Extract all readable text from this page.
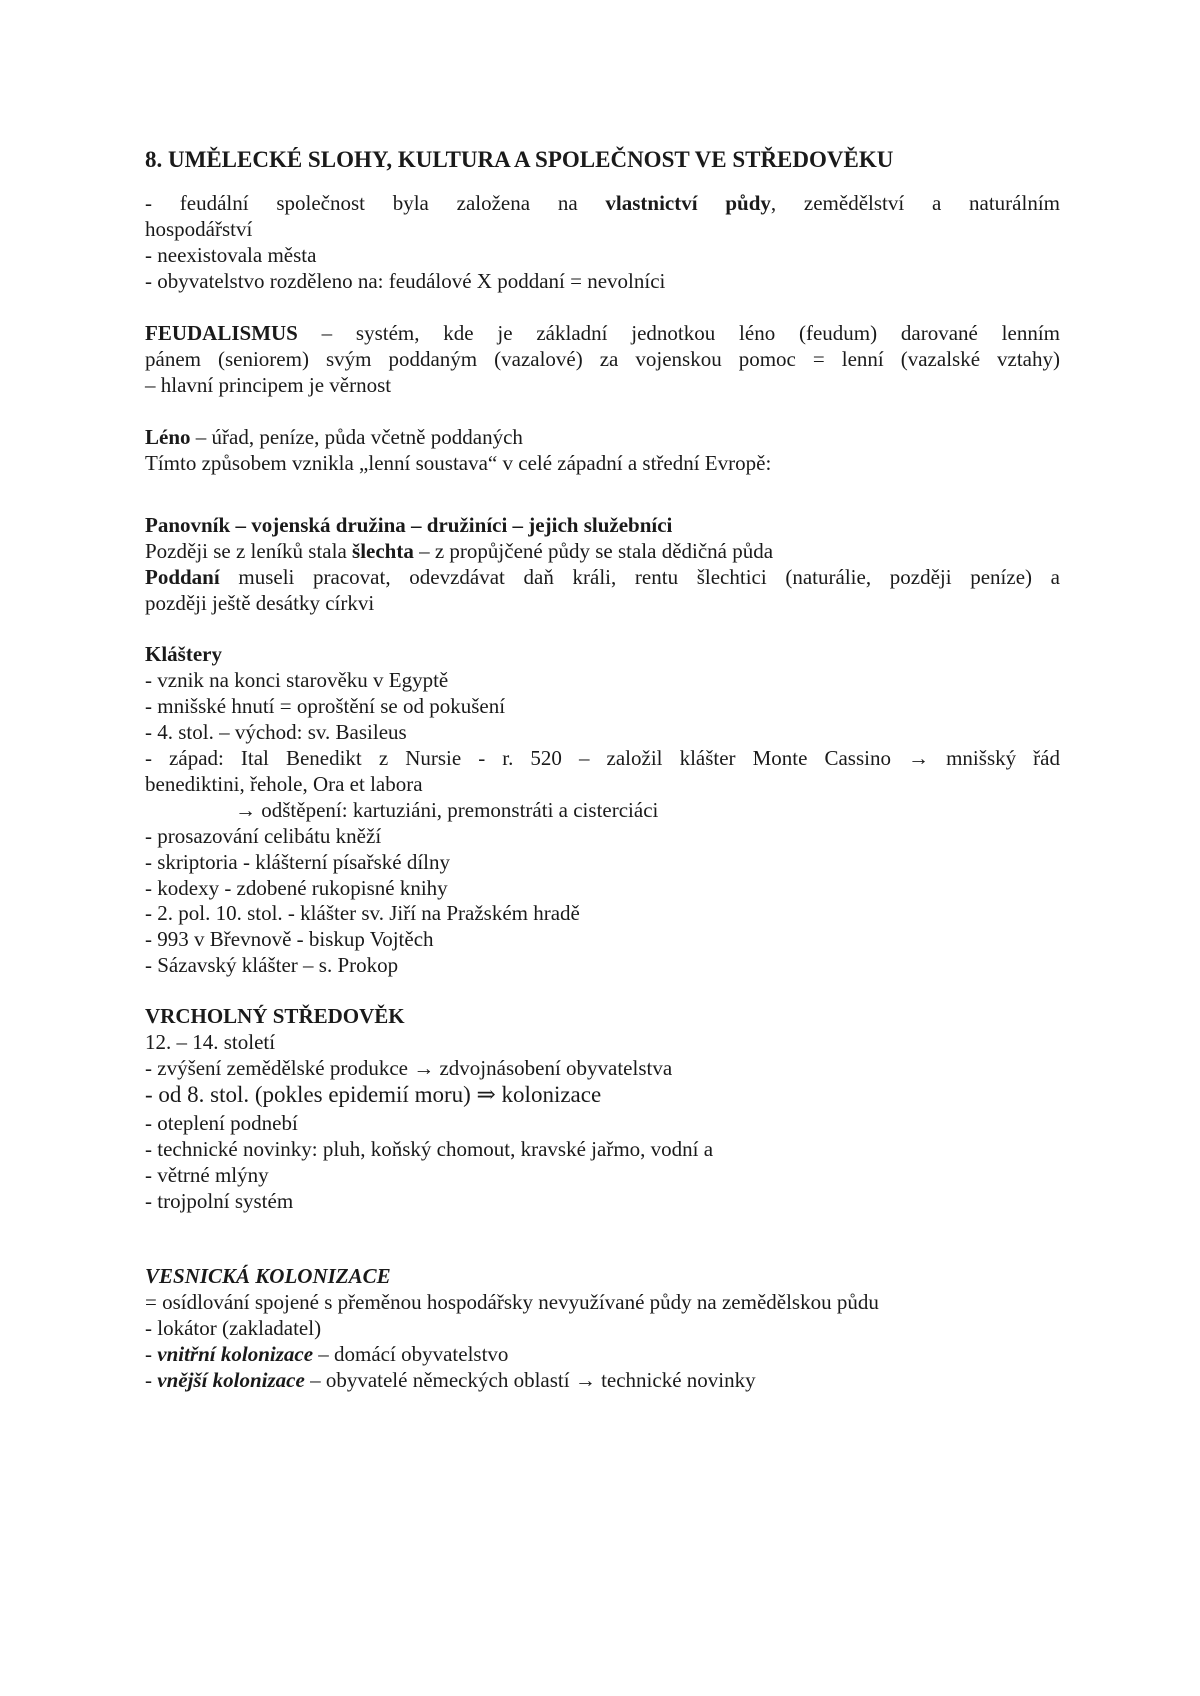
8. UMĚLECKÉ SLOHY, KULTURA A SPOLEČNOST VE STŘEDOVĚKU
- feudální společnost byla založena na vlastnictví půdy, zemědělství a naturálním
hospodářství
- neexistovala města
- obyvatelstvo rozděleno na: feudálové X poddaní = nevolníci
FEUDALISMUS – systém, kde je základní jednotkou léno (feudum) darované lenním
pánem (seniorem) svým poddaným (vazalové) za vojenskou pomoc = lenní (vazalské vztahy)
– hlavní principem je věrnost
Léno – úřad, peníze, půda včetně poddaných
Tímto způsobem vznikla „lenní soustava“ v celé západní a střední Evropě:
Panovník – vojenská družina – družiníci – jejich služebníci
Později se z leníků stala šlechta – z propůjčené půdy se stala dědičná půda
Poddaní museli pracovat, odevzdávat daň králi, rentu šlechtici (naturálie, později peníze) a
později ještě desátky církvi
Kláštery
- vznik na konci starověku v Egyptě
- mnišské hnutí = oproštění se od pokušení
- 4. stol. – východ: sv. Basileus
- západ: Ital Benedikt z Nursie - r. 520 – založil klášter Monte Cassino → mnišský řád
benediktini, řehole, Ora et labora
→ odštěpení: kartuziáni, premonstráti a cisterciáci
- prosazování celibátu kněží
- skriptoria - klášterní písařské dílny
- kodexy - zdobené rukopisné knihy
- 2. pol. 10. stol. - klášter sv. Jiří na Pražském hradě
- 993 v Břevnově - biskup Vojtěch
- Sázavský klášter – s. Prokop
VRCHOLNÝ STŘEDOVĚK
12. – 14. století
- zvýšení zemědělské produkce → zdvojnásobení obyvatelstva
- od 8. stol. (pokles epidemií moru) ⇒ kolonizace
- oteplení podnebí
- technické novinky: pluh, koňský chomout, kravské jařmo, vodní a
- větrné mlýny
- trojpolní systém
VESNICKÁ KOLONIZACE
= osídlování spojené s přeměnou hospodářsky nevyužívané půdy na zemědělskou půdu
- lokátor (zakladatel)
- vnitřní kolonizace – domácí obyvatelstvo
- vnější kolonizace – obyvatelé německých oblastí → technické novinky
